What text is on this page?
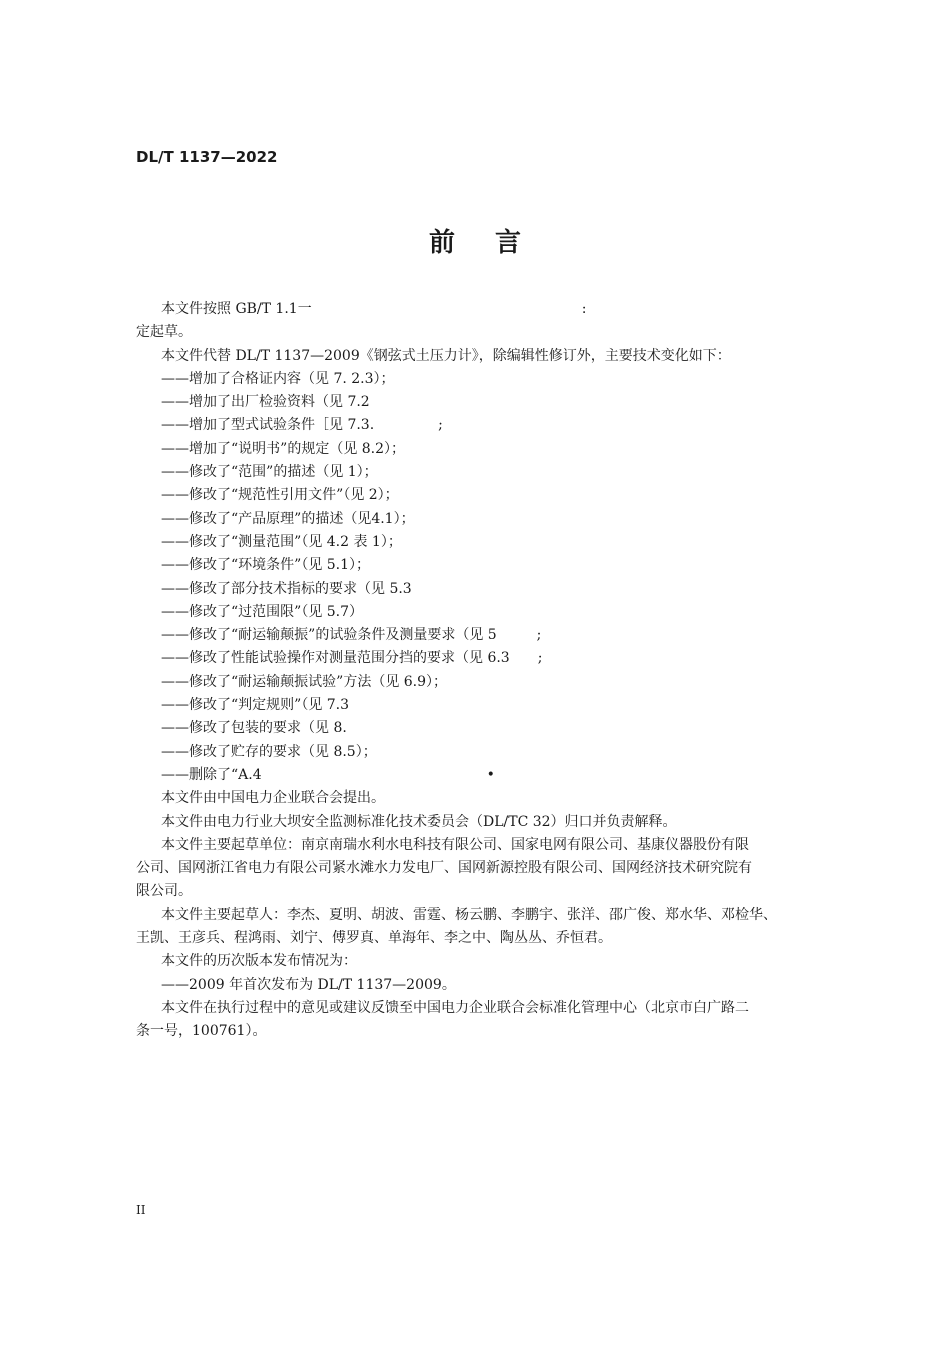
DL/T 1137—2022
前言

本文件按照 GB/T 1.1一	:

定起草。

本文件代替 DL/T 1137—2009《钢弦式土压力计》，除编辑性修订外，主要技术变化如下：

——增加了合格证内容（见 7. 2.3）；

——增加了出厂检验资料（见 7.2

——增加了型式试验条件［见 7.3.	;

——增加了“说明书”的规定（见 8.2）；

——修改了“范围”的描述（见 1）；

——修改了“规范性引用文件”（见 2）；

——修改了“产品原理”的描述（见4.1）；

——修改了“测量范围”（见 4.2 表 1）；

——修改了“环境条件”（见 5.1）；

——修改了部分技术指标的要求（见 5.3

——修改了“过范围限”（见 5.7）

——修改了“耐运输颠振”的试验条件及测量要求（见 5	;

——修改了性能试验操作对测量范围分挡的要求（见 6.3 ;

——修改了“耐运输颠振试验”方法（见 6.9）；

——修改了“判定规则”（见 7.3

——修改了包装的要求（见 8.

——修改了贮存的要求（见 8.5）；

——删除了“A.4	•

本文件由中国电力企业联合会提出。

本文件由电力行业大坝安全监测标准化技术委员会（DL/TC 32）归口并负责解释。

本文件主要起草单位：南京南瑞水利水电科技有限公司、国家电网有限公司、基康仪器股份有限

公司、国网浙江省电力有限公司紧水滩水力发电厂、国网新源控股有限公司、国网经济技术研究院有

限公司。

本文件主要起草人：李杰、夏明、胡波、雷霆、杨云鹏、李鹏宇、张洋、邵广俊、郑水华、邓检华、

王凯、王彦兵、程鸿雨、刘宁、傅罗真、单海年、李之中、陶丛丛、乔恒君。

本文件的历次版本发布情况为：

——2009 年首次发布为 DL/T 1137—2009。

本文件在执行过程中的意见或建议反馈至中国电力企业联合会标准化管理中心（北京市白广路二

条一号，100761）。

II
